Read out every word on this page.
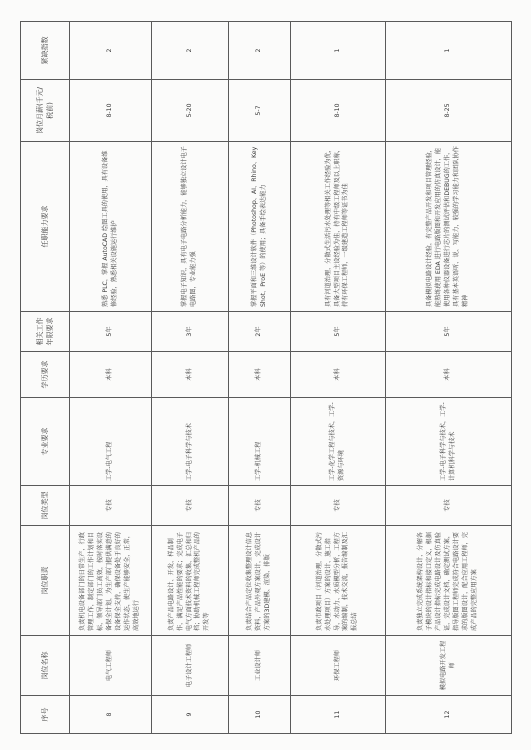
序号	岗位名称	岗位职责	岗位类型	专业要求	学历要求	相关工作年限要求	任职能力要求	岗位月薪(千元/税前)	紧缺指数
8	电气工程师	负责机电设备部门的日常生产，行政管理工作，制定部门的工作计划和目标，领导部门员工高效，按时落实设备保全计划，为生产部门提供满意的设备保全支持，确保设备处于良好的运作状态，使生产能够安全，正常，高效地运行	专技	工学-电气工程	本科	5年	熟悉 PLC，掌握 AutoCAD 绘图工具的使用，具有设备维修经验，熟悉相关设施运行维护	8-10	2
9	电子设计工程师	负责产品电路设计、开发、样品制作，满足产品性能的要求；完成电子电气方面技术资料的收集、汇总和归档；协助机械工程师完成整机产品的开发等	专技	工学-电子科学与技术	本科	3年	掌握电子知识，具有电子电路分析能力，能够独立设计电子电路图，专业能力强	5-20	2
10	工业设计师	负责结合产品定位收集整理设计信息资料，产品外观方案设计，完成设计方案的3D建模、渲染、排版	专技	工学-机械工程	本科	2年	掌握平面和三维设计软件（Photoshop、AI、Rhino、KeyShot、ProE 等）的使用；具备手绘表达能力	5-7	2
11	环保工程师	负责市政项目（河道治理，分散式污水处理项目）方案的设计、施工指导，水动力、水质模型分析，工程方案的编制，技术交流，报告编制及汇报总结	专技	工学-化学工程与技术，工学-资源与环境	本科	5年	具有河道治理，分散式生活污水处理等相关工作经验为优，具备大型项目主设经验为佳，持有中级工程师及以上职称，持有环保工程师，一级建造工程师等证书为佳	8-10	1
12	模拟电路开发工程师	负责独立完成系统架构设计，分解各子模块的设计指标和接口定义，根据产品设计指标完成电路设计及仿真验证，完成设计文档，确定测试方案，指导版图工程师完成符合电路设计要求的版图设计，配合应用工程师，完成产品的完整应用方案	专技	工学-电子科学与技术，工学-计算机科学与技术	本科	5年	具备模拟电路设计经验，有完整产品开发和项目管理经验，能熟练使用 EDA 进行电路版图和开发应用的仿真设计，能使用各种仪器设备进行芯片的测试评估和DEBUG的工作，具有基本英语听、说、写能力，较强的学习能力和团队协作精神	8-25	1
